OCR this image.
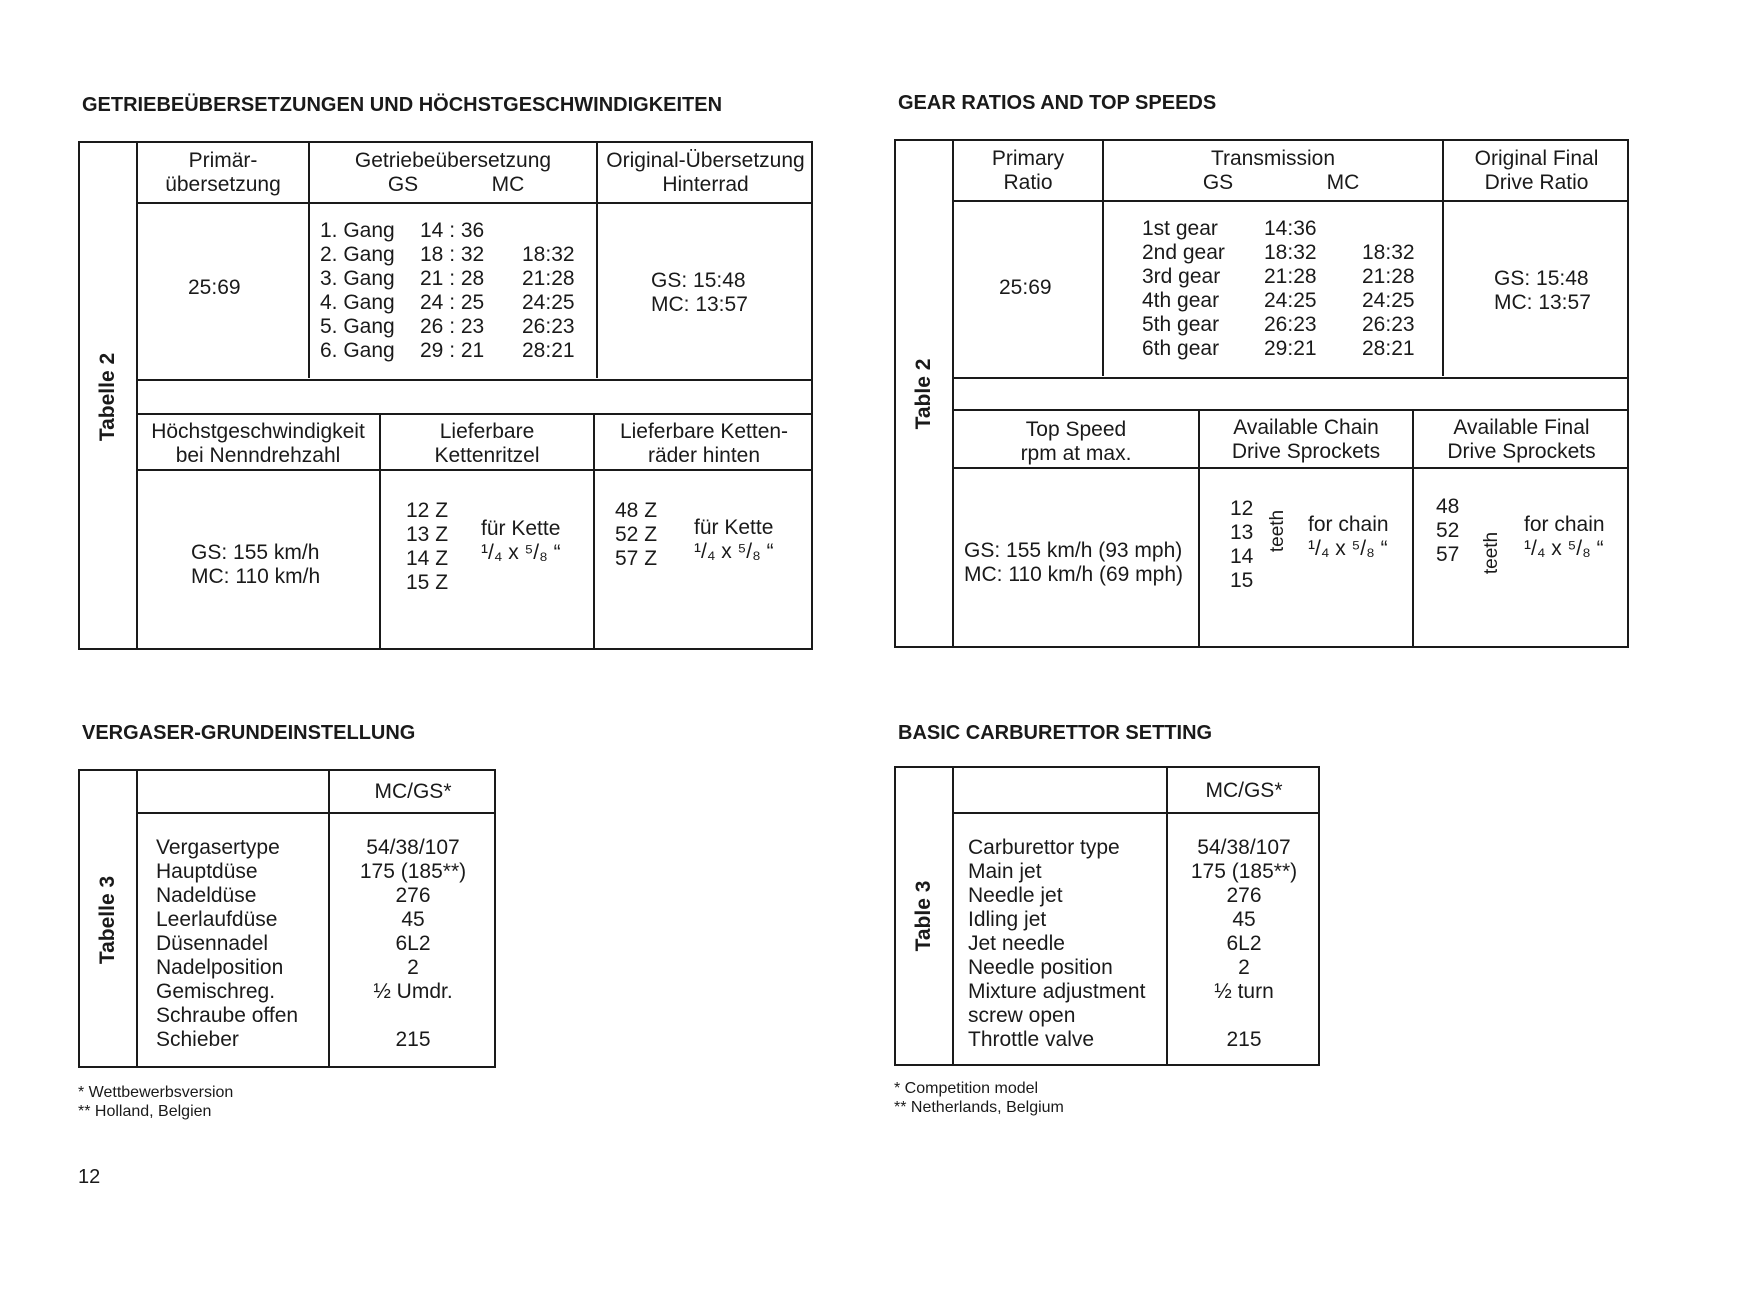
GETRIEBEÜBERSETZUNGEN UND HÖCHSTGESCHWINDIGKEITEN
Tabelle 2
Primär-
übersetzung
Getriebeübersetzung
GS	MC
Original-Übersetzung
Hinterrad
25:69
1. Gang
2. Gang
3. Gang
4. Gang
5. Gang
6. Gang
14 : 36
18 : 32
21 : 28
24 : 25
26 : 23
29 : 21

18:32
21:28
24:25
26:23
28:21
GS: 15:48
MC: 13:57
Höchstgeschwindigkeit
bei Nenndrehzahl
Lieferbare
Kettenritzel
Lieferbare Ketten-
räder hinten
GS: 155 km/h
MC: 110 km/h
12 Z
13 Z
14 Z
15 Z
für Kette
¹/₄ x ⁵/₈ “
48 Z
52 Z
57 Z
für Kette
¹/₄ x ⁵/₈ “
VERGASER-GRUNDEINSTELLUNG
Tabelle 3
MC/GS*
Vergasertype
Hauptdüse
Nadeldüse
Leerlaufdüse
Düsennadel
Nadelposition
Gemischreg.
Schraube offen
Schieber
54/38/107
175 (185**)
276
45
6L2
2
½ Umdr.

215
* Wettbewerbsversion
** Holland, Belgien
12
GEAR RATIOS AND TOP SPEEDS
Table 2
Primary
Ratio
Transmission
GS	MC
Original Final
Drive Ratio
25:69
1st gear
2nd gear
3rd gear
4th gear
5th gear
6th gear
14:36
18:32
21:28
24:25
26:23
29:21

18:32
21:28
24:25
26:23
28:21
GS: 15:48
MC: 13:57
Top Speed
rpm at max.
Available Chain
Drive Sprockets
Available Final
Drive Sprockets
GS: 155 km/h (93 mph)
MC: 110 km/h (69 mph)
12
13
14
15
teeth for chain
¹/₄ x ⁵/₈ “
48
52
57 teeth
for chain
¹/₄ x ⁵/₈ “
BASIC CARBURETTOR SETTING
Table 3
MC/GS*
Carburettor type
Main jet
Needle jet
Idling jet
Jet needle
Needle position
Mixture adjustment
screw open
Throttle valve
54/38/107
175 (185**)
276
45
6L2
2
½ turn

215
* Competition model
** Netherlands, Belgium
